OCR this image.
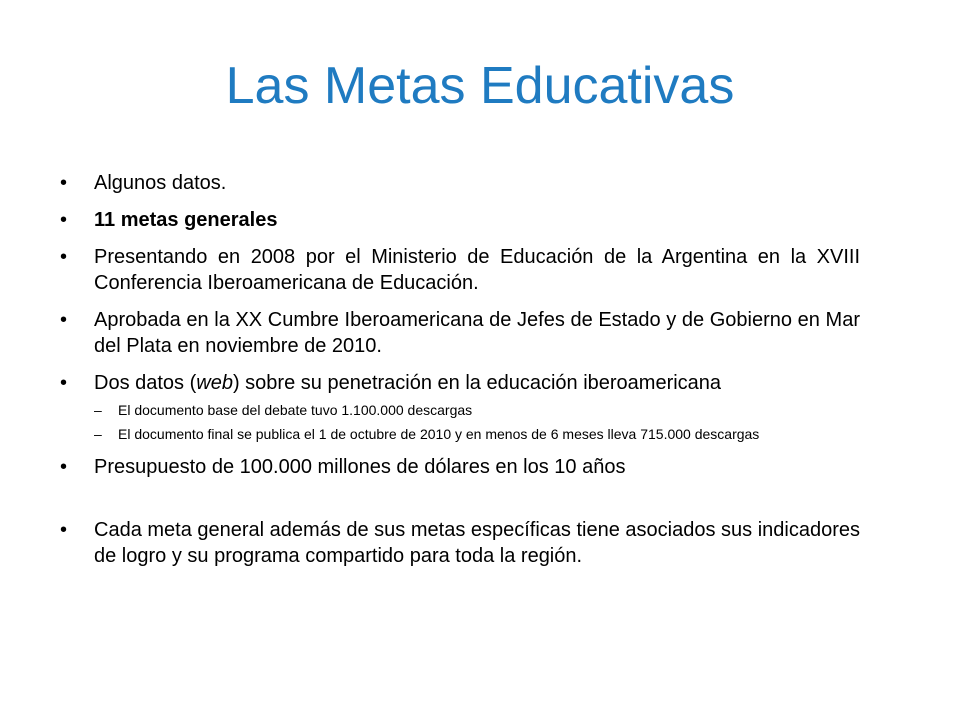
Las Metas Educativas
• Algunos datos.
• 11 metas generales
• Presentando en 2008 por el Ministerio de Educación de la Argentina en la XVIII Conferencia Iberoamericana de Educación.
• Aprobada en la XX Cumbre Iberoamericana de Jefes de Estado y de Gobierno en Mar del Plata en noviembre de 2010.
• Dos datos (web) sobre su penetración en la educación iberoamericana
– El documento base del debate tuvo 1.100.000 descargas
– El documento final se publica el 1 de octubre de 2010 y en menos de 6 meses lleva 715.000 descargas
• Presupuesto de 100.000 millones de dólares en los 10 años
• Cada meta general además de sus metas específicas tiene asociados sus indicadores de logro y su programa compartido para toda la región.
